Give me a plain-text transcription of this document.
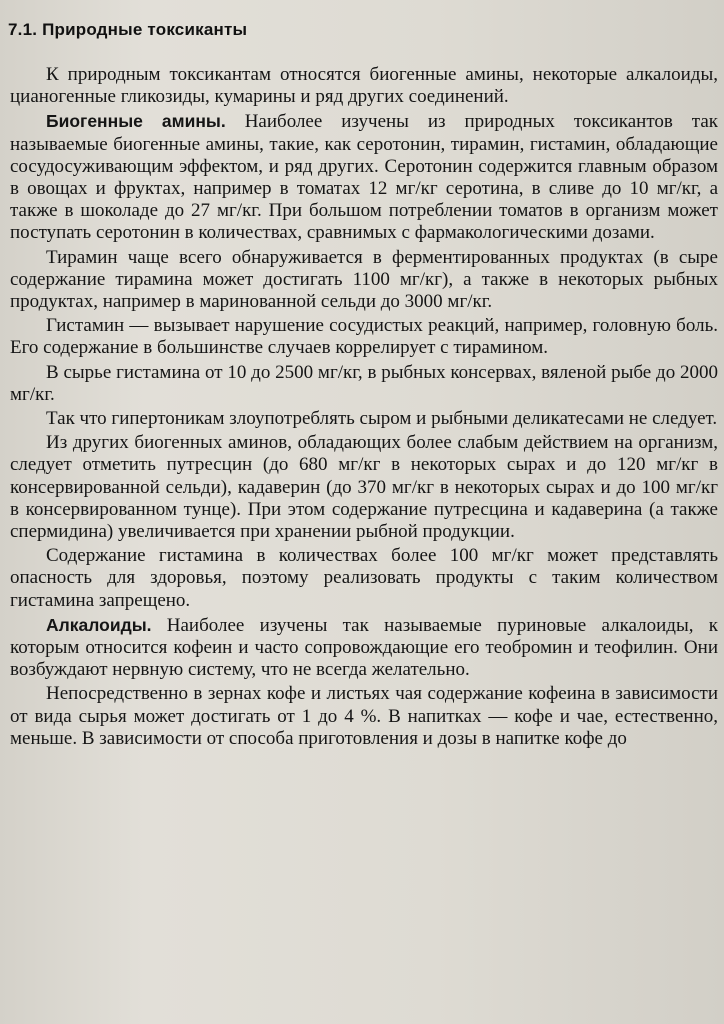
7.1. Природные токсиканты

К природным токсикантам относятся биогенные амины, некоторые алкалоиды, цианогенные гликозиды, кумарины и ряд других соединений.

Биогенные амины. Наиболее изучены из природных токсикантов так называемые биогенные амины, такие, как серотонин, тирамин, гистамин, обладающие сосудосуживающим эффектом, и ряд других. Серотонин содержится главным образом в овощах и фруктах, например в томатах 12 мг/кг серотина, в сливе до 10 мг/кг, а также в шоколаде до 27 мг/кг. При большом потреблении томатов в организм может поступать серотонин в количествах, сравнимых с фармакологическими дозами.

Тирамин чаще всего обнаруживается в ферментированных продуктах (в сыре содержание тирамина может достигать 1100 мг/кг), а также в некоторых рыбных продуктах, например в маринованной сельди до 3000 мг/кг.

Гистамин — вызывает нарушение сосудистых реакций, например, головную боль. Его содержание в большинстве случаев коррелирует с тирамином.

В сырье гистамина от 10 до 2500 мг/кг, в рыбных консервах, вяленой рыбе до 2000 мг/кг.

Так что гипертоникам злоупотреблять сыром и рыбными деликатесами не следует.

Из других биогенных аминов, обладающих более слабым действием на организм, следует отметить путресцин (до 680 мг/кг в некоторых сырах и до 120 мг/кг в консервированной сельди), кадаверин (до 370 мг/кг в некоторых сырах и до 100 мг/кг в консервированном тунце). При этом содержание путресцина и кадаверина (а также спермидина) увеличивается при хранении рыбной продукции.

Содержание гистамина в количествах более 100 мг/кг может представлять опасность для здоровья, поэтому реализовать продукты с таким количеством гистамина запрещено.

Алкалоиды. Наиболее изучены так называемые пуриновые алкалоиды, к которым относится кофеин и часто сопровождающие его теобромин и теофилин. Они возбуждают нервную систему, что не всегда желательно.

Непосредственно в зернах кофе и листьях чая содержание кофеина в зависимости от вида сырья может достигать от 1 до 4 %. В напитках — кофе и чае, естественно, меньше. В зависимости от способа приготовления и дозы в напитке кофе до
